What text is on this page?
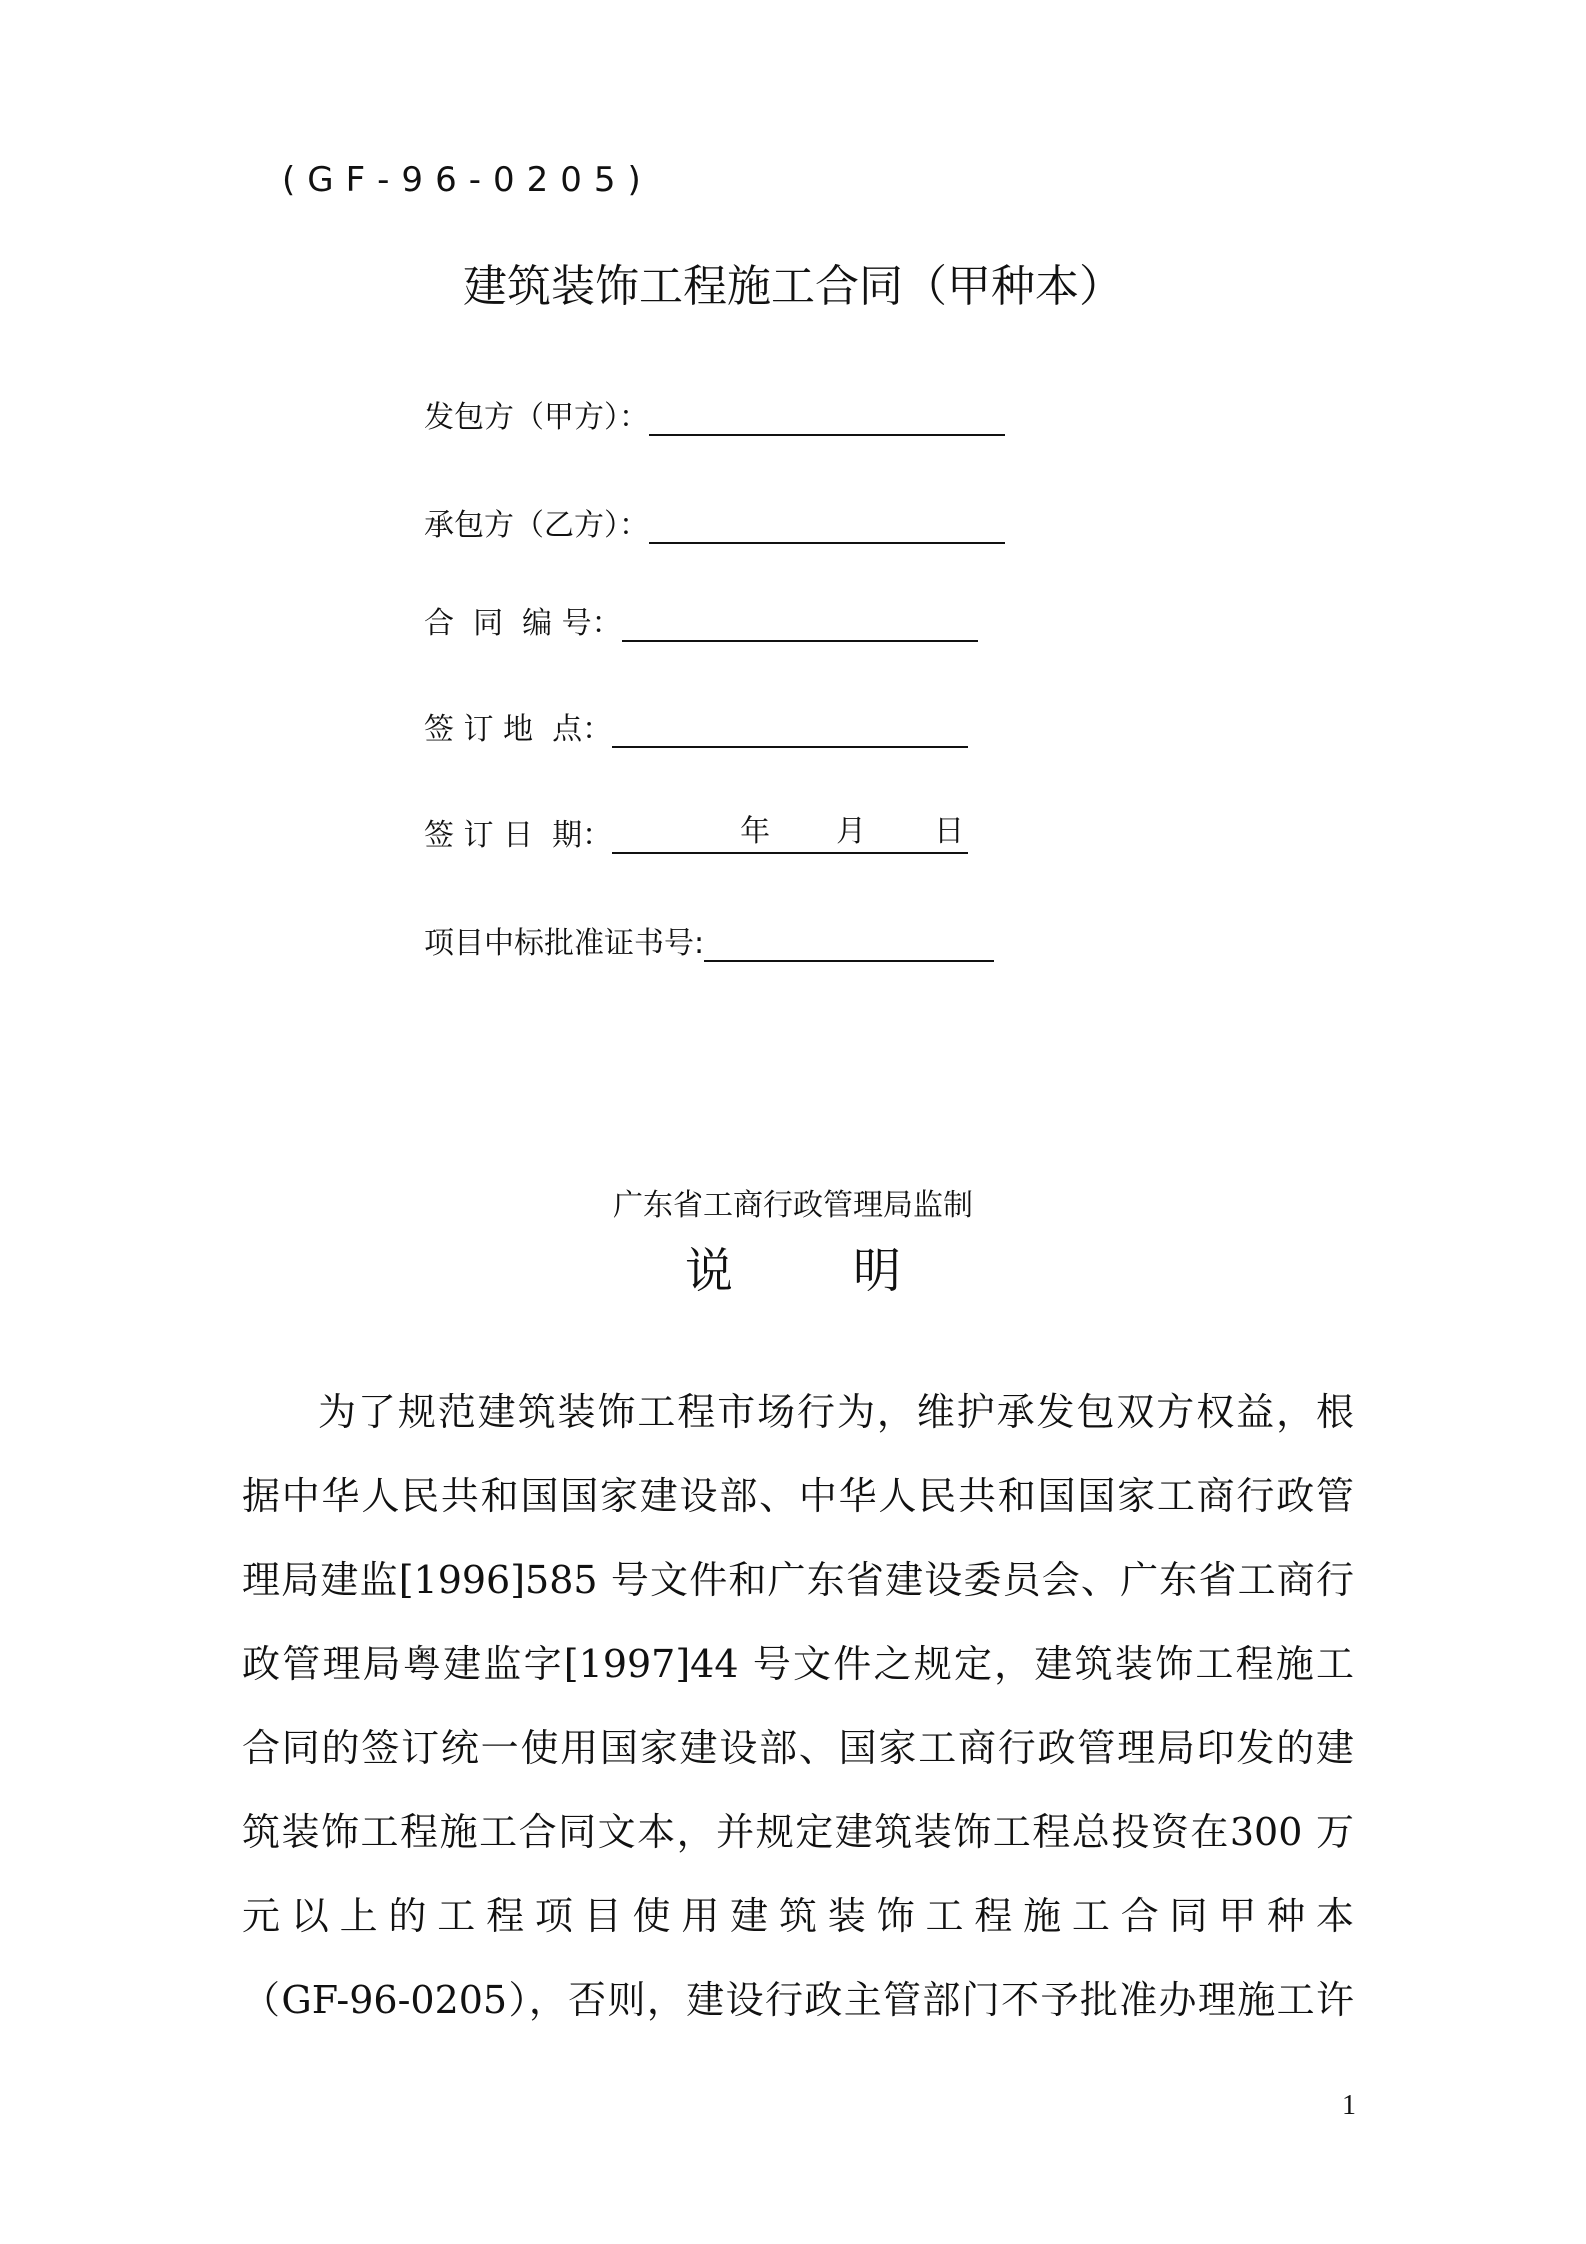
(GF-96-0205)
建筑装饰工程施工合同（甲种本）
发包方（甲方）：
承包方（乙方）：
合  同  编 号：
签 订 地  点：
签 订 日  期：	年 月 日
项目中标批准证书号:
广东省工商行政管理局监制
说	明
为了规范建筑装饰工程市场行为，维护承发包双方权益，根
据中华人民共和国国家建设部、中华人民共和国国家工商行政管
理局建监[1996]585 号文件和广东省建设委员会、广东省工商行
政管理局粤建监字[1997]44 号文件之规定，建筑装饰工程施工
合同的签订统一使用国家建设部、国家工商行政管理局印发的建
筑装饰工程施工合同文本，并规定建筑装饰工程总投资在300 万
元以上的工程项目使用建筑装饰工程施工合同甲种本
（GF-96-0205），否则，建设行政主管部门不予批准办理施工许
1
